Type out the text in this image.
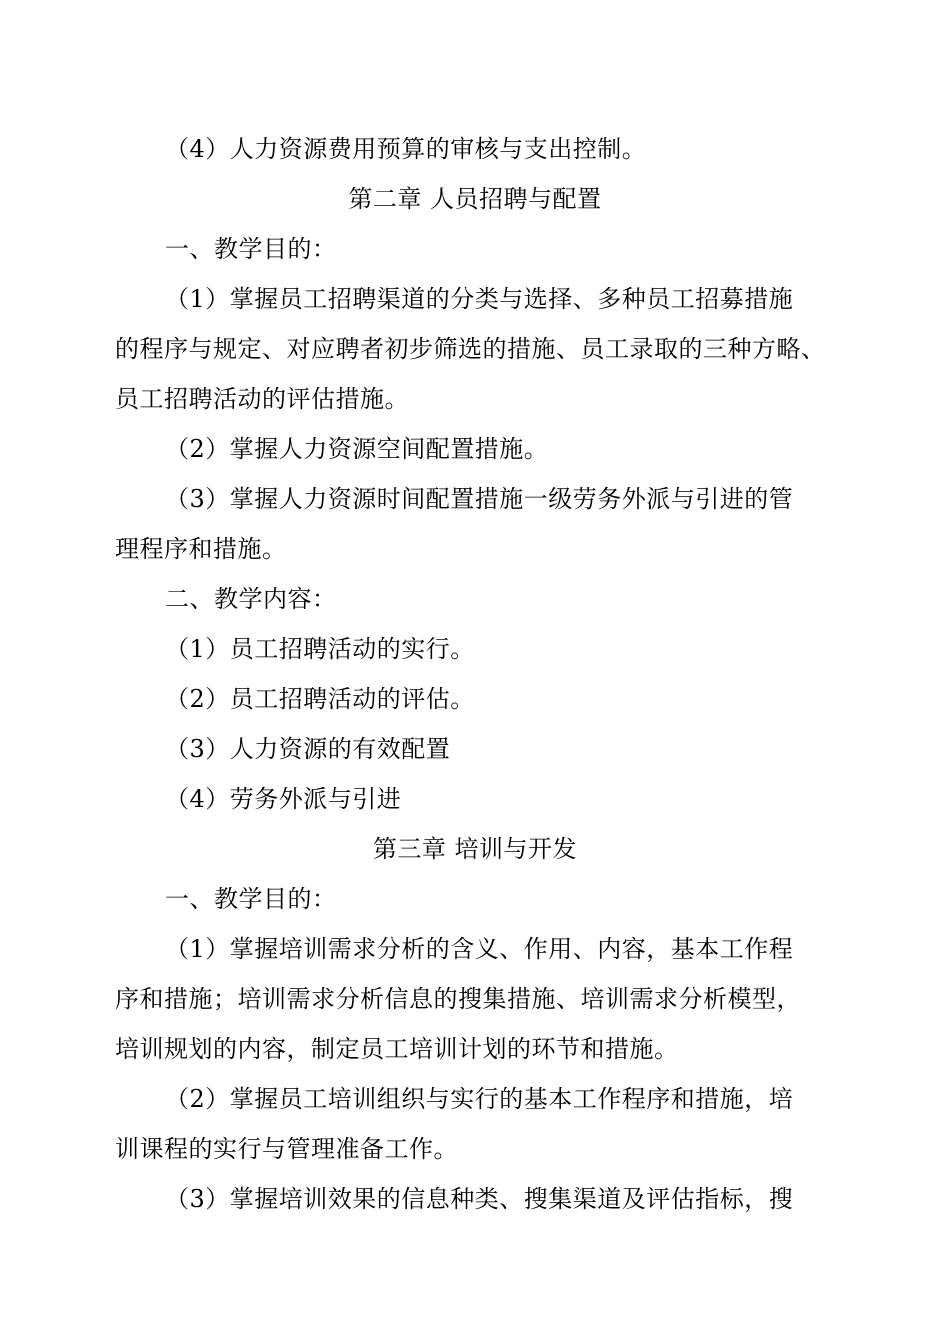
（4）人力资源费用预算的审核与支出控制。
第二章 人员招聘与配置
一、教学目的：
（1）掌握员工招聘渠道的分类与选择、多种员工招募措施
的程序与规定、对应聘者初步筛选的措施、员工录取的三种方略、
员工招聘活动的评估措施。
（2）掌握人力资源空间配置措施。
（3）掌握人力资源时间配置措施一级劳务外派与引进的管
理程序和措施。
二、教学内容：
（1）员工招聘活动的实行。
（2）员工招聘活动的评估。
（3）人力资源的有效配置
（4）劳务外派与引进
第三章 培训与开发
一、教学目的：
（1）掌握培训需求分析的含义、作用、内容，基本工作程
序和措施；培训需求分析信息的搜集措施、培训需求分析模型，
培训规划的内容，制定员工培训计划的环节和措施。
（2）掌握员工培训组织与实行的基本工作程序和措施，培
训课程的实行与管理准备工作。
（3）掌握培训效果的信息种类、搜集渠道及评估指标，搜
